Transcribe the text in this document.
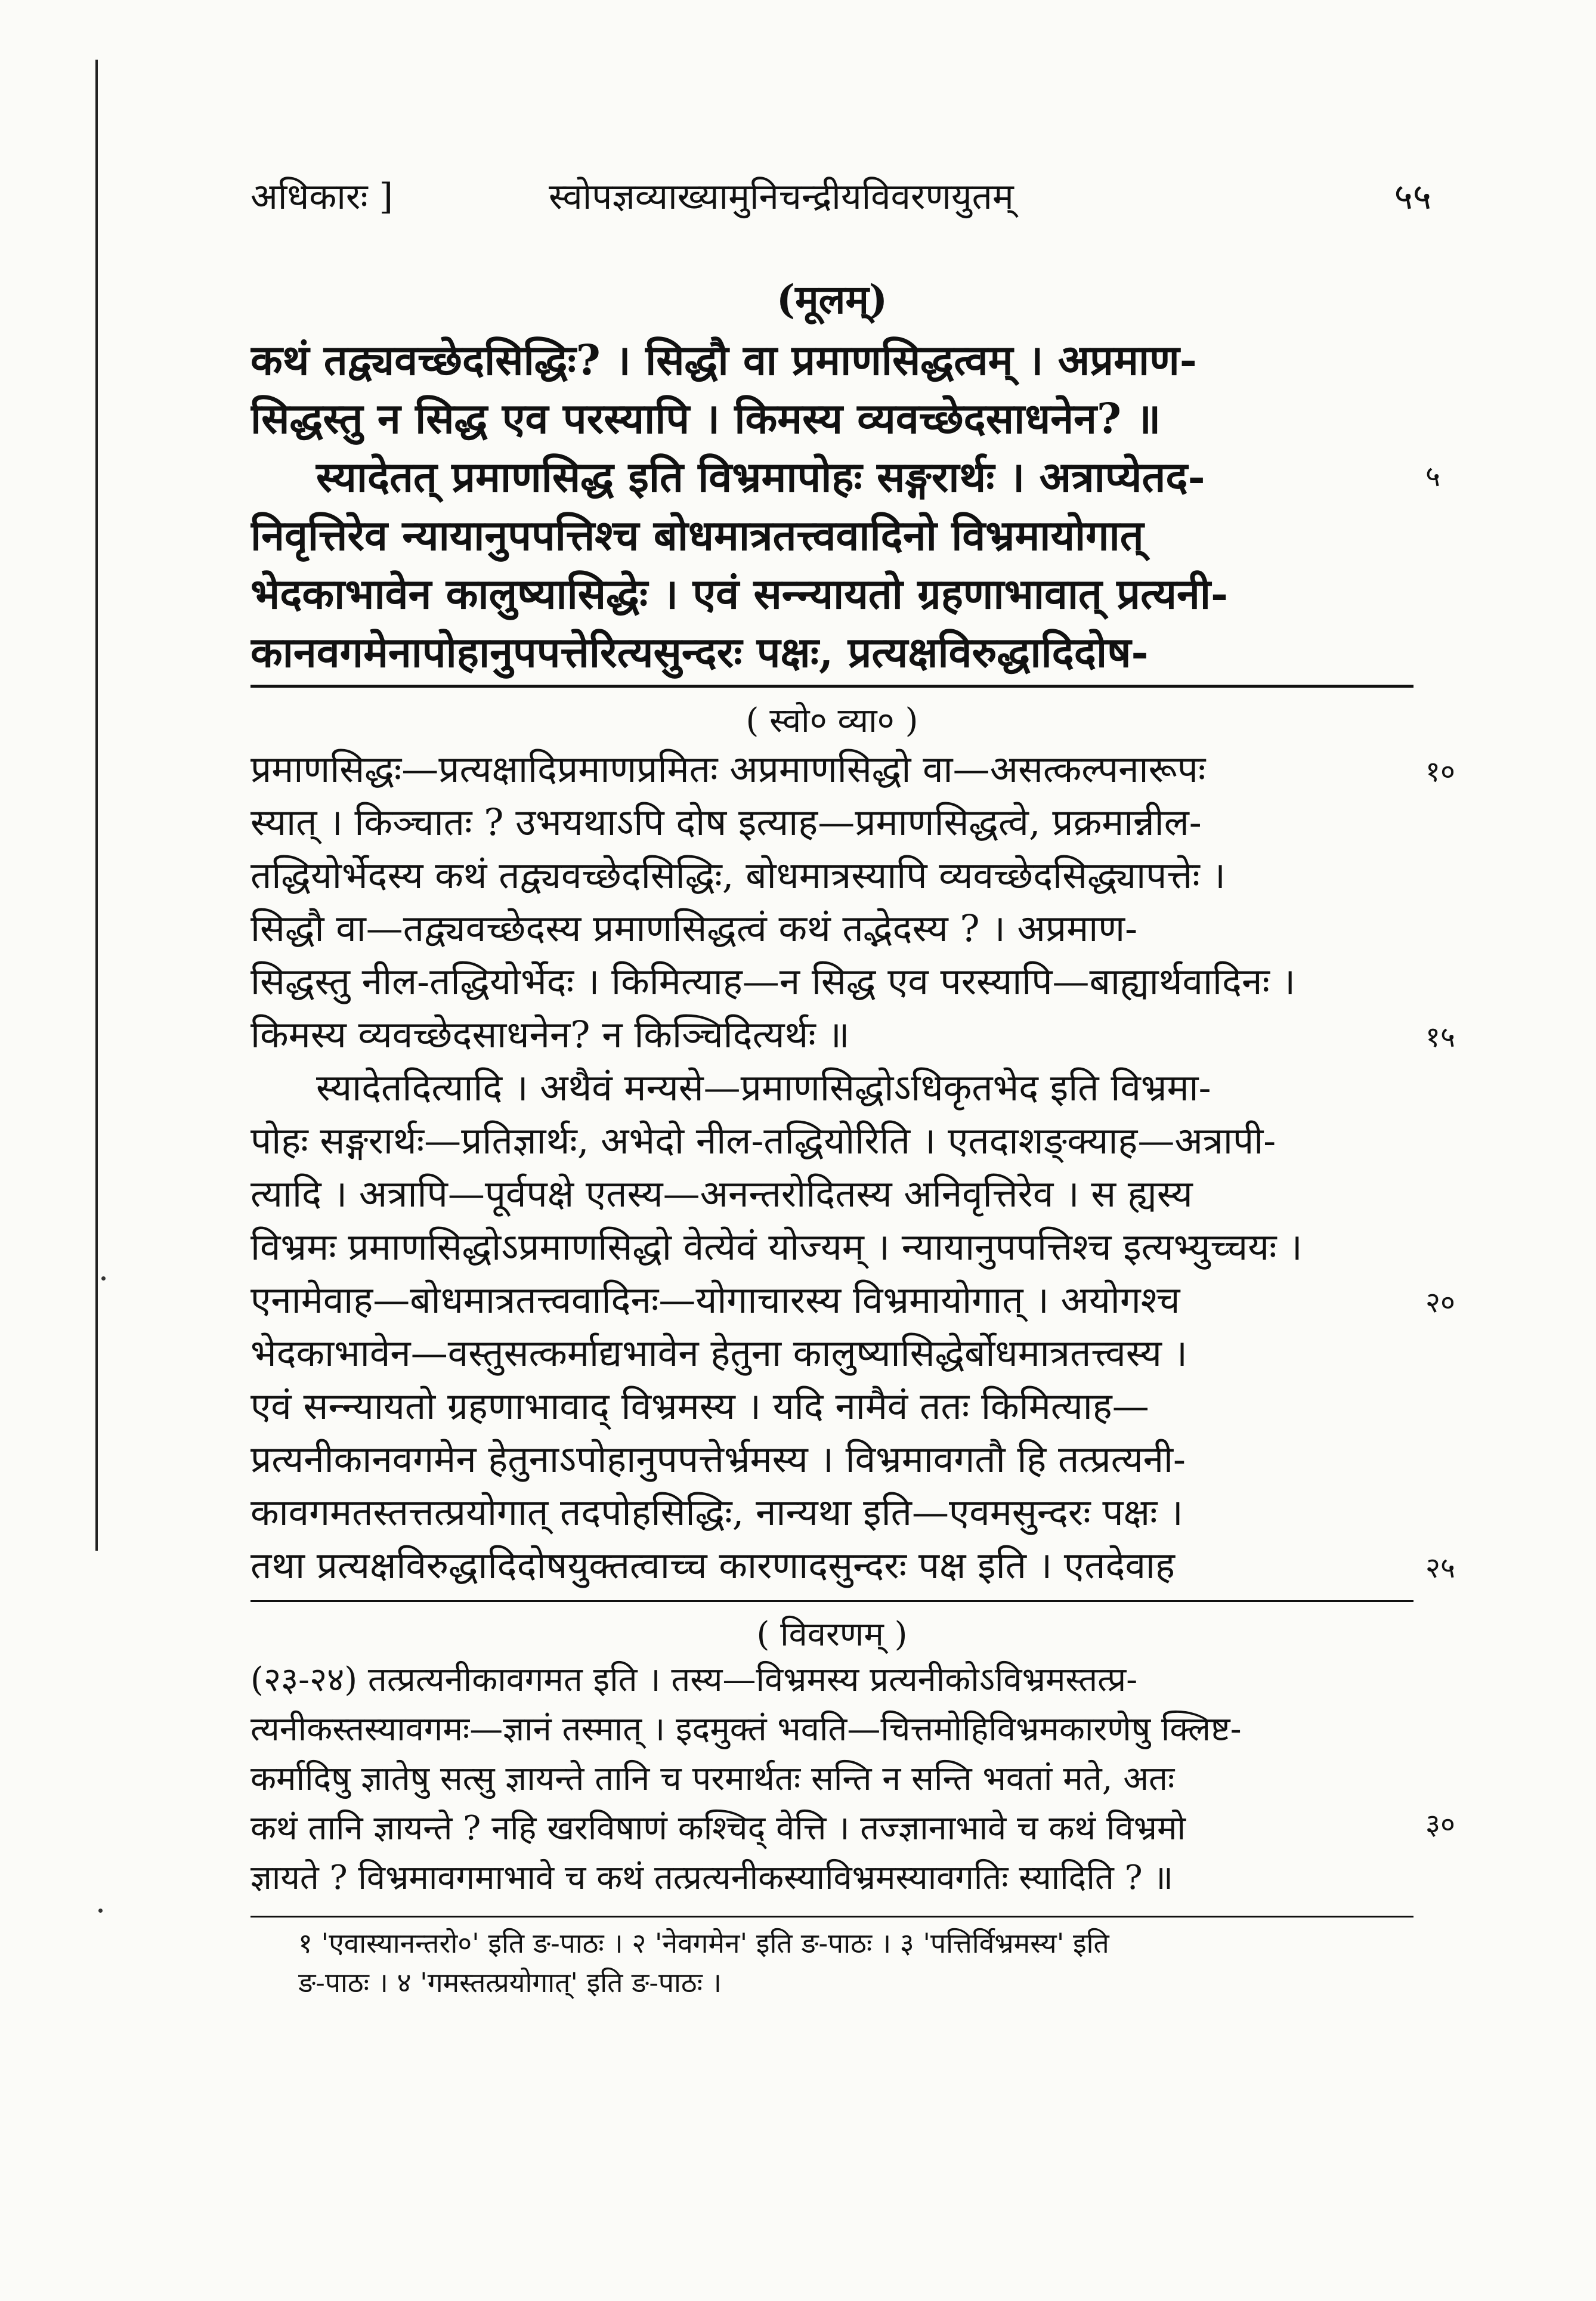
अधिकारः ]	स्वोपज्ञव्याख्यामुनिचन्द्रीयविवरणयुतम्	५५
(मूलम्)
कथं तद्व्यवच्छेदसिद्धिः? । सिद्धौ वा प्रमाणसिद्धत्वम् । अप्रमाण-
सिद्धस्तु न सिद्ध एव परस्यापि । किमस्य व्यवच्छेदसाधनेन? ॥
स्यादेतत् प्रमाणसिद्ध इति विभ्रमापोहः सङ्गरार्थः । अत्राप्येतद-
निवृत्तिरेव न्यायानुपपत्तिश्च बोधमात्रतत्त्ववादिनो विभ्रमायोगात्
भेदकाभावेन कालुष्यासिद्धेः । एवं सन्न्यायतो ग्रहणाभावात् प्रत्यनी-
कानवगमेनापोहानुपपत्तेरित्यसुन्दरः पक्षः, प्रत्यक्षविरुद्धादिदोष-
( स्वो० व्या० )
प्रमाणसिद्धः—प्रत्यक्षादिप्रमाणप्रमितः अप्रमाणसिद्धो वा—असत्कल्पनारूपः
स्यात् । किञ्चातः ? उभयथाऽपि दोष इत्याह—प्रमाणसिद्धत्वे, प्रक्रमान्नील-
तद्धियोर्भेदस्य कथं तद्व्यवच्छेदसिद्धिः, बोधमात्रस्यापि व्यवच्छेदसिद्ध्यापत्तेः ।
सिद्धौ वा—तद्व्यवच्छेदस्य प्रमाणसिद्धत्वं कथं तद्भेदस्य ? । अप्रमाण-
सिद्धस्तु नील-तद्धियोर्भेदः । किमित्याह—न सिद्ध एव परस्यापि—बाह्यार्थवादिनः ।
किमस्य व्यवच्छेदसाधनेन? न किञ्चिदित्यर्थः ॥
स्यादेतदित्यादि । अथैवं मन्यसे—प्रमाणसिद्धोऽधिकृतभेद इति विभ्रमा-
पोहः सङ्गरार्थः—प्रतिज्ञार्थः, अभेदो नील-तद्धियोरिति । एतदाशङ्क्याह—अत्रापी-
त्यादि । अत्रापि—पूर्वपक्षे एतस्य—अनन्तरोदितस्य अनिवृत्तिरेव । स ह्यस्य
विभ्रमः प्रमाणसिद्धोऽप्रमाणसिद्धो वेत्येवं योज्यम् । न्यायानुपपत्तिश्च इत्यभ्युच्चयः ।
एनामेवाह—बोधमात्रतत्त्ववादिनः—योगाचारस्य विभ्रमायोगात् । अयोगश्च
भेदकाभावेन—वस्तुसत्कर्माद्यभावेन हेतुना कालुष्यासिद्धेर्बोधमात्रतत्त्वस्य ।
एवं सन्न्यायतो ग्रहणाभावाद् विभ्रमस्य । यदि नामैवं ततः किमित्याह—
प्रत्यनीकानवगमेन हेतुनाऽपोहानुपपत्तेर्भ्रमस्य । विभ्रमावगतौ हि तत्प्रत्यनी-
कावगमतस्तत्तत्प्रयोगात् तदपोहसिद्धिः, नान्यथा इति—एवमसुन्दरः पक्षः ।
तथा प्रत्यक्षविरुद्धादिदोषयुक्तत्वाच्च कारणादसुन्दरः पक्ष इति । एतदेवाह
( विवरणम् )
(२३-२४) तत्प्रत्यनीकावगमत इति । तस्य—विभ्रमस्य प्रत्यनीकोऽविभ्रमस्तत्प्र-
त्यनीकस्तस्यावगमः—ज्ञानं तस्मात् । इदमुक्तं भवति—चित्तमोहिविभ्रमकारणेषु क्लिष्ट-
कर्मादिषु ज्ञातेषु सत्सु ज्ञायन्ते तानि च परमार्थतः सन्ति न सन्ति भवतां मते, अतः
कथं तानि ज्ञायन्ते ? नहि खरविषाणं कश्चिद् वेत्ति । तज्ज्ञानाभावे च कथं विभ्रमो
ज्ञायते ? विभ्रमावगमाभावे च कथं तत्प्रत्यनीकस्याविभ्रमस्यावगतिः स्यादिति ? ॥
१ 'एवास्यानन्तरो०' इति ङ-पाठः । २ 'नेवगमेन' इति ङ-पाठः । ३ 'पत्तिर्विभ्रमस्य' इति
ङ-पाठः । ४ 'गमस्तत्प्रयोगात्' इति ङ-पाठः ।
५
१०
१५
२०
२५
३०
